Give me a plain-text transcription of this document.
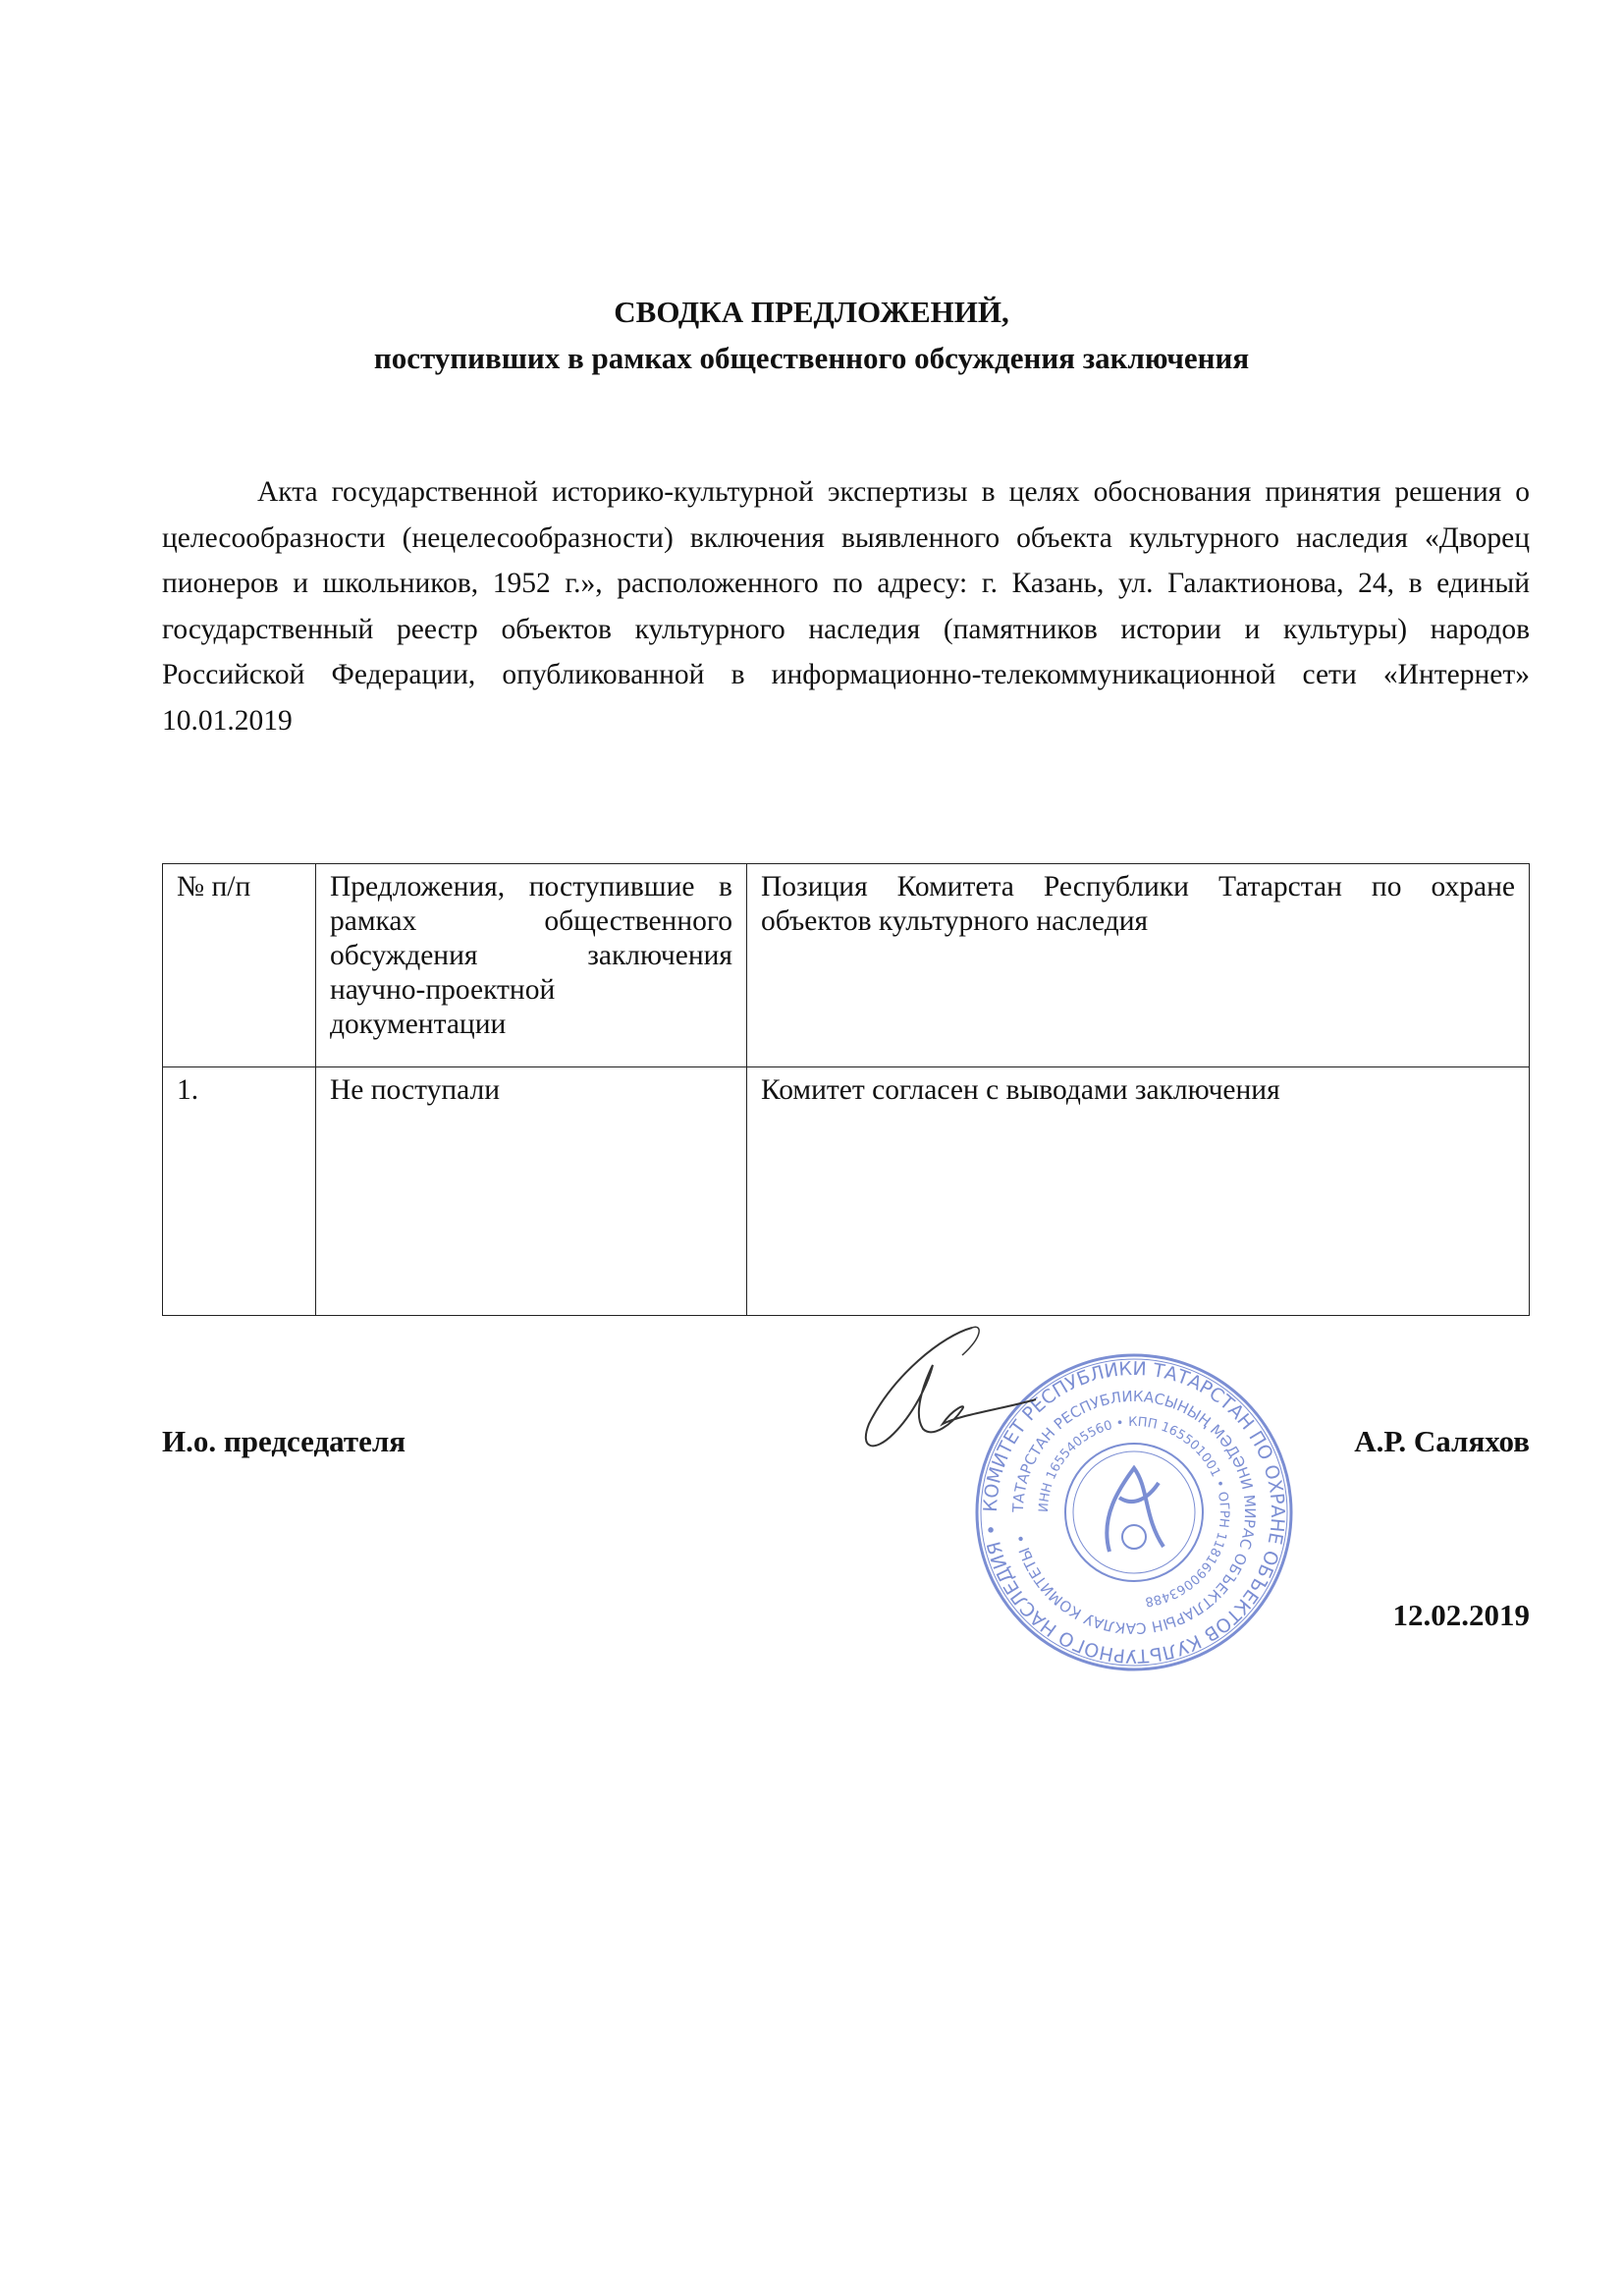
СВОДКА ПРЕДЛОЖЕНИЙ,
поступивших в рамках общественного обсуждения заключения
Акта государственной историко-культурной экспертизы в целях обоснования принятия решения о целесообразности (нецелесообразности) включения выявленного объекта культурного наследия «Дворец пионеров и школьников, 1952 г.», расположенного по адресу: г. Казань, ул. Галактионова, 24, в единый государственный реестр объектов культурного наследия (памятников истории и культуры) народов Российской Федерации, опубликованной в информационно-телекоммуникационной сети «Интернет» 10.01.2019
№ п/п	Предложения, поступившие в рамках общественного обсуждения заключения научно-проектной документации	Позиция Комитета Республики Татарстан по охране объектов культурного наследия
1.	Не поступали	Комитет согласен с выводами заключения
КОМИТЕТ РЕСПУБЛИКИ ТАТАРСТАН ПО ОХРАНЕ ОБЪЕКТОВ КУЛЬТУРНОГО НАСЛЕДИЯ •
ТАТАРСТАН РЕСПУБЛИКАСЫНЫҢ МӘДӘНИ МИРАС ОБЪЕКТЛАРЫН САКЛАУ КОМИТЕТЫ •
ИНН 1655405560 • КПП 165501001 • ОГРН 1181690063488
И.о. председателя	А.Р. Саляхов
12.02.2019
